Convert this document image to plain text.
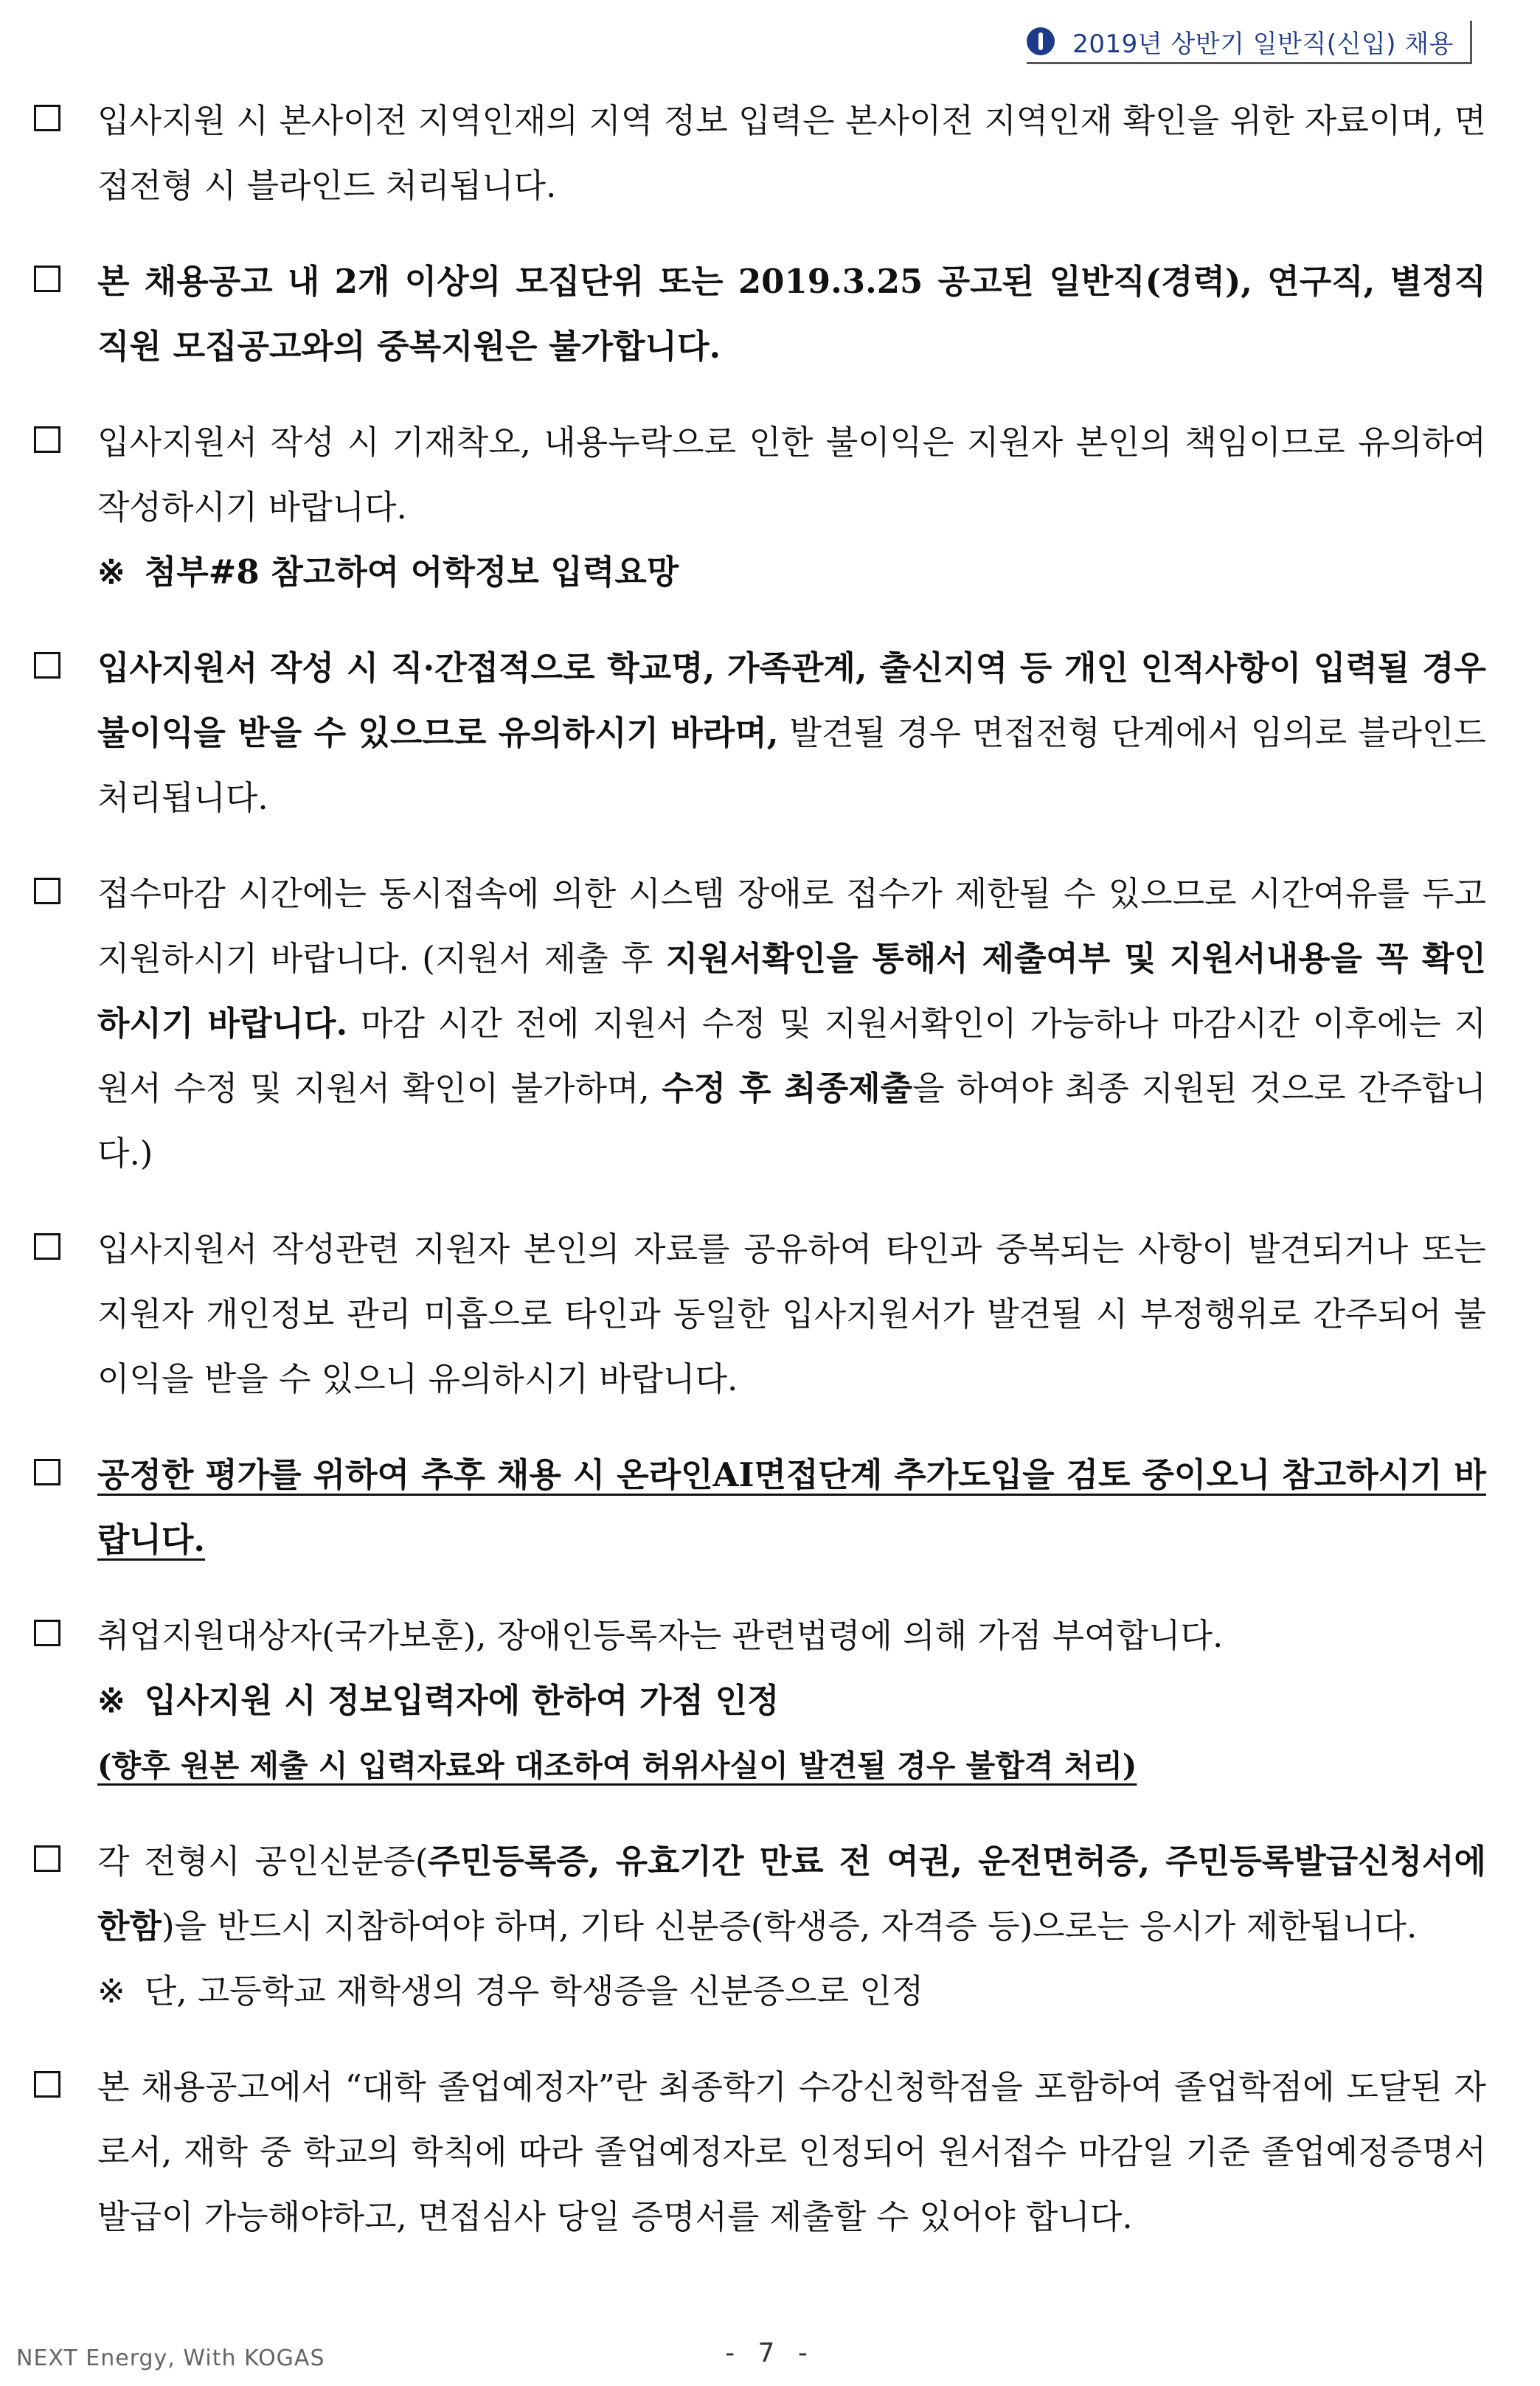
2019년 상반기 일반직(신입) 채용

입사지원 시 본사이전 지역인재의 지역 정보 입력은 본사이전 지역인재 확인을 위한 자료이며, 면접전형 시 블라인드 처리됩니다.

본 채용공고 내 2개 이상의 모집단위 또는 2019.3.25 공고된 일반직(경력), 연구직, 별정직 직원 모집공고와의 중복지원은 불가합니다.

입사지원서 작성 시 기재착오, 내용누락으로 인한 불이익은 지원자 본인의 책임이므로 유의하여 작성하시기 바랍니다.

※ 첨부#8 참고하여 어학정보 입력요망

입사지원서 작성 시 직·간접적으로 학교명, 가족관계, 출신지역 등 개인 인적사항이 입력될 경우 불이익을 받을 수 있으므로 유의하시기 바라며, 발견될 경우 면접전형 단계에서 임의로 블라인드 처리됩니다.

접수마감 시간에는 동시접속에 의한 시스템 장애로 접수가 제한될 수 있으므로 시간여유를 두고 지원하시기 바랍니다. (지원서 제출 후 지원서확인을 통해서 제출여부 및 지원서내용을 꼭 확인하시기 바랍니다. 마감 시간 전에 지원서 수정 및 지원서확인이 가능하나 마감시간 이후에는 지원서 수정 및 지원서 확인이 불가하며, 수정 후 최종제출을 하여야 최종 지원된 것으로 간주합니다.)

입사지원서 작성관련 지원자 본인의 자료를 공유하여 타인과 중복되는 사항이 발견되거나 또는 지원자 개인정보 관리 미흡으로 타인과 동일한 입사지원서가 발견될 시 부정행위로 간주되어 불이익을 받을 수 있으니 유의하시기 바랍니다.

공정한 평가를 위하여 추후 채용 시 온라인AI면접단계 추가도입을 검토 중이오니 참고하시기 바랍니다.

취업지원대상자(국가보훈), 장애인등록자는 관련법령에 의해 가점 부여합니다.

※ 입사지원 시 정보입력자에 한하여 가점 인정

(향후 원본 제출 시 입력자료와 대조하여 허위사실이 발견될 경우 불합격 처리)

각 전형시 공인신분증(주민등록증, 유효기간 만료 전 여권, 운전면허증, 주민등록발급신청서에 한함)을 반드시 지참하여야 하며, 기타 신분증(학생증, 자격증 등)으로는 응시가 제한됩니다.

※ 단, 고등학교 재학생의 경우 학생증을 신분증으로 인정

본 채용공고에서 “대학 졸업예정자”란 최종학기 수강신청학점을 포함하여 졸업학점에 도달된 자로서, 재학 중 학교의 학칙에 따라 졸업예정자로 인정되어 원서접수 마감일 기준 졸업예정증명서 발급이 가능해야하고, 면접심사 당일 증명서를 제출할 수 있어야 합니다.

NEXT Energy, With KOGAS	- 7 -
